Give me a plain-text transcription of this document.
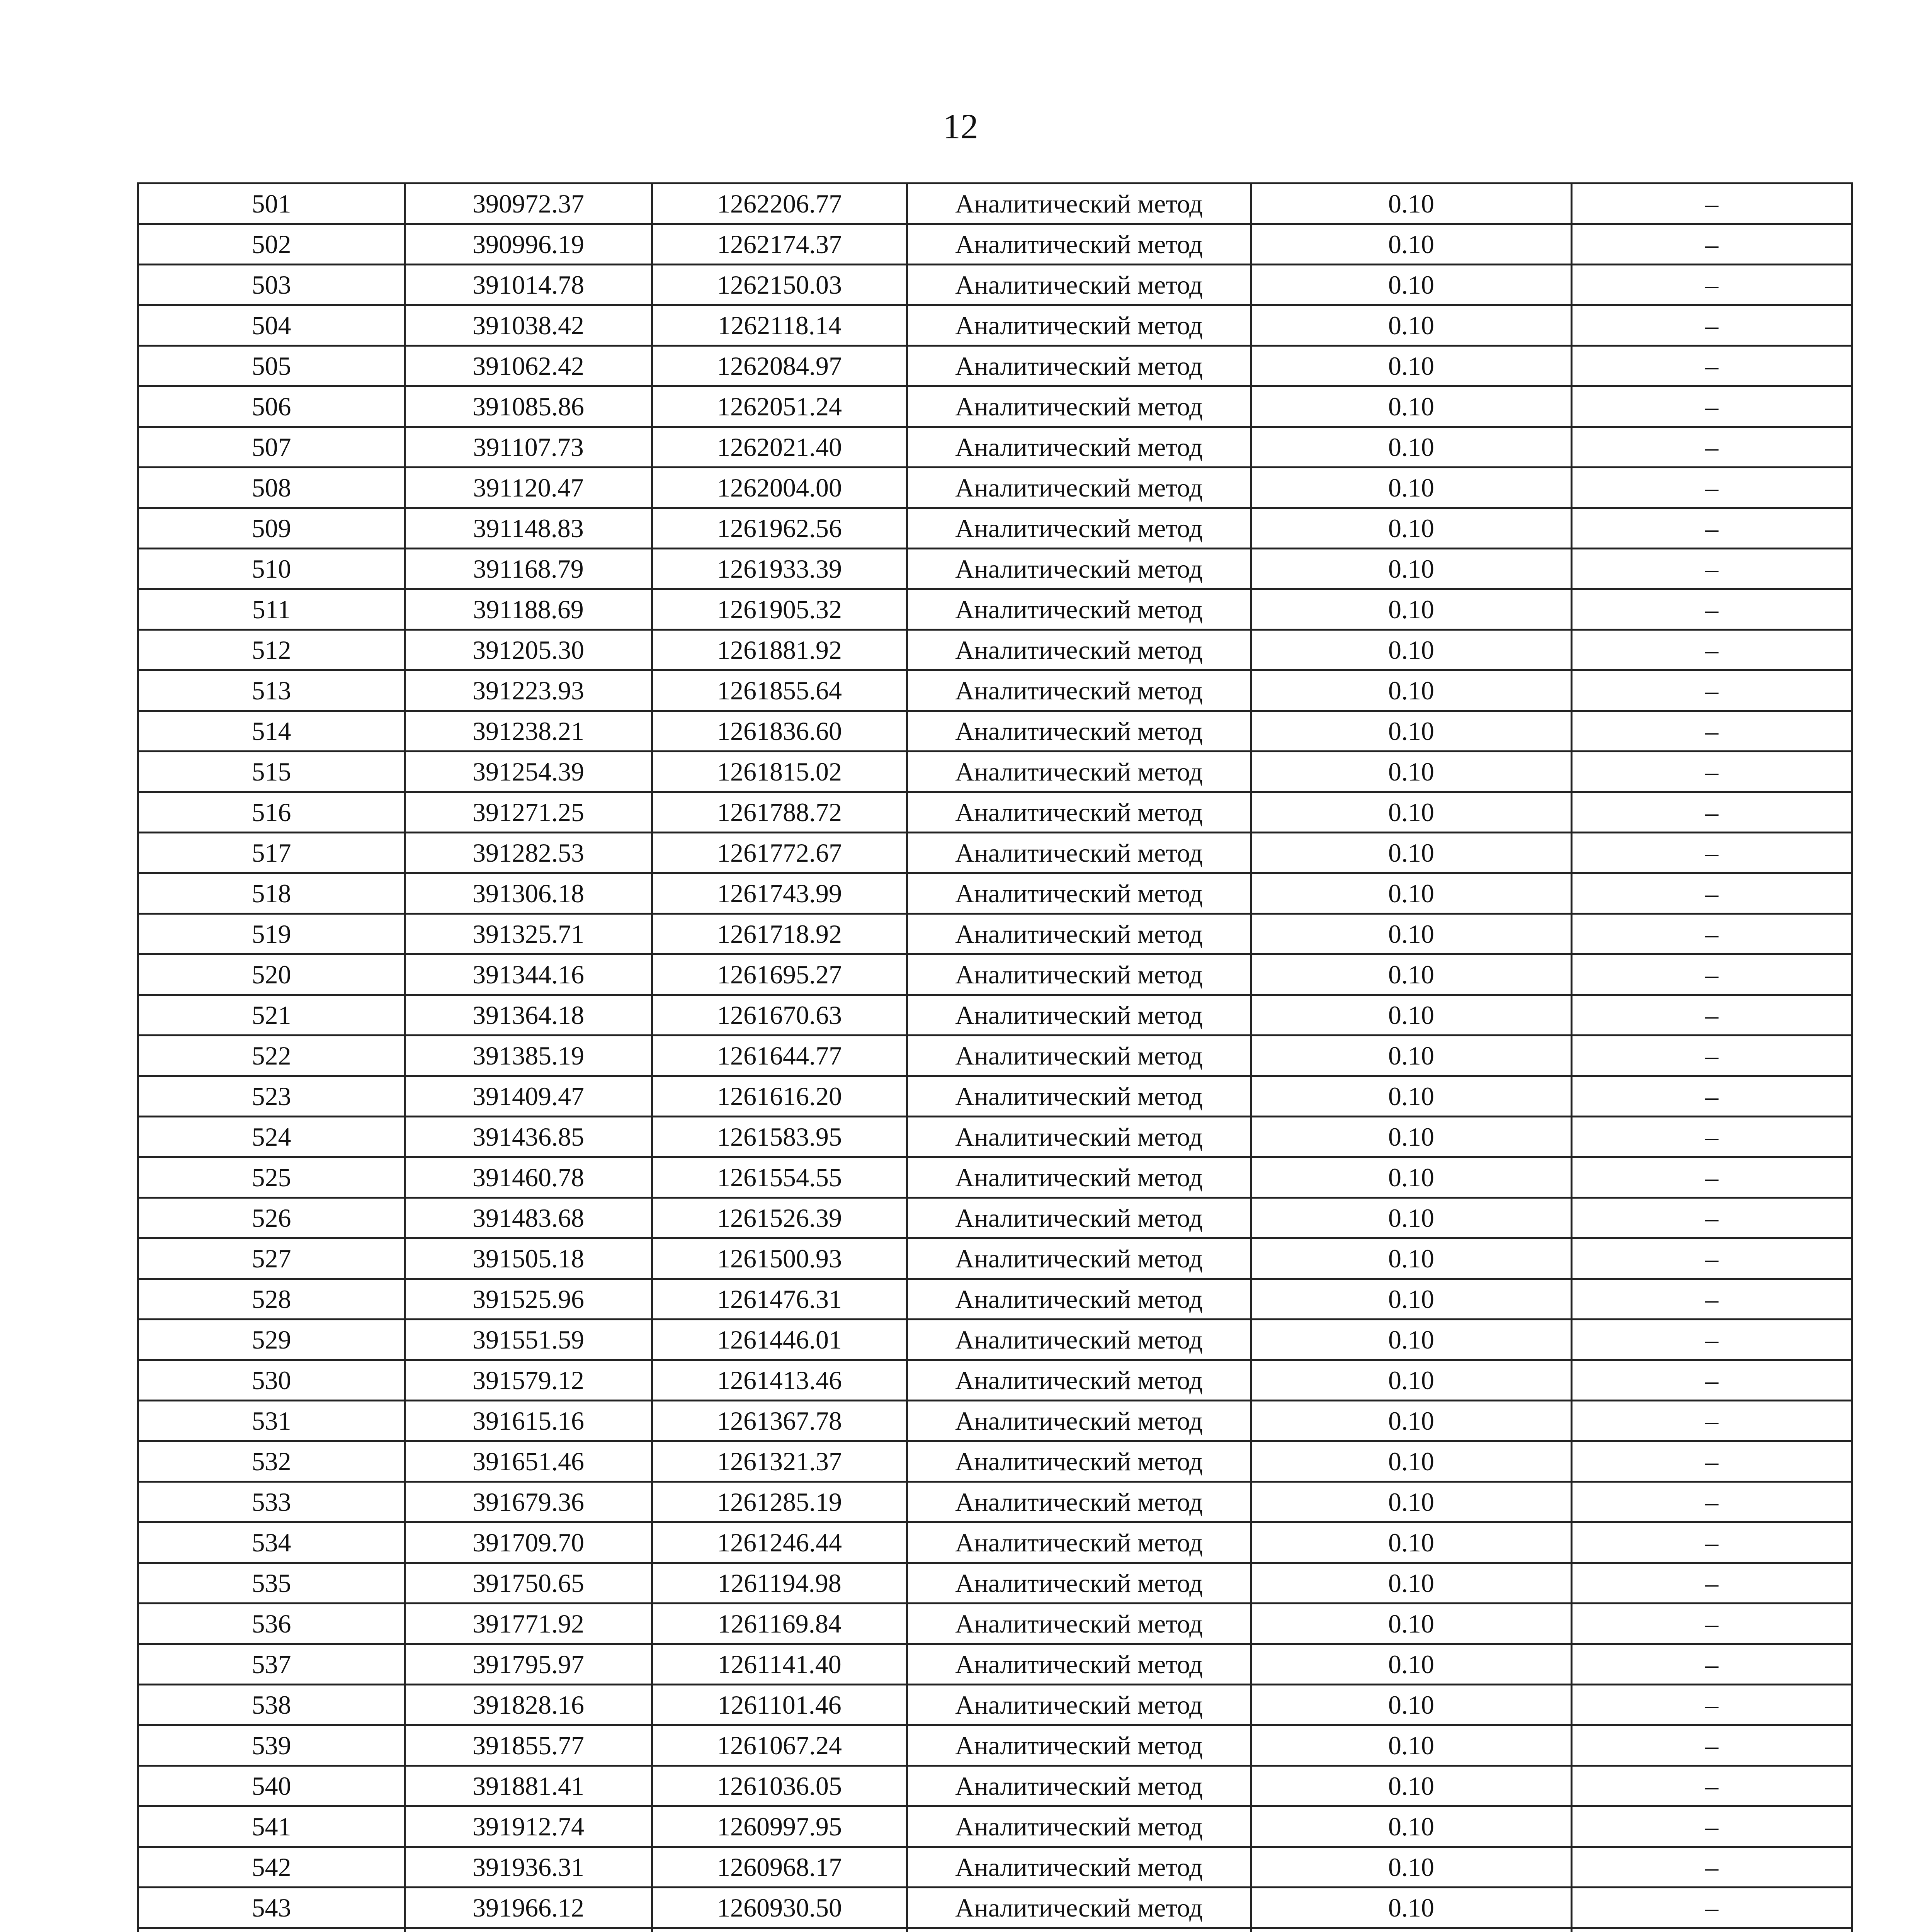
12
501	390972.37	1262206.77	Аналитический метод	0.10	–
502	390996.19	1262174.37	Аналитический метод	0.10	–
503	391014.78	1262150.03	Аналитический метод	0.10	–
504	391038.42	1262118.14	Аналитический метод	0.10	–
505	391062.42	1262084.97	Аналитический метод	0.10	–
506	391085.86	1262051.24	Аналитический метод	0.10	–
507	391107.73	1262021.40	Аналитический метод	0.10	–
508	391120.47	1262004.00	Аналитический метод	0.10	–
509	391148.83	1261962.56	Аналитический метод	0.10	–
510	391168.79	1261933.39	Аналитический метод	0.10	–
511	391188.69	1261905.32	Аналитический метод	0.10	–
512	391205.30	1261881.92	Аналитический метод	0.10	–
513	391223.93	1261855.64	Аналитический метод	0.10	–
514	391238.21	1261836.60	Аналитический метод	0.10	–
515	391254.39	1261815.02	Аналитический метод	0.10	–
516	391271.25	1261788.72	Аналитический метод	0.10	–
517	391282.53	1261772.67	Аналитический метод	0.10	–
518	391306.18	1261743.99	Аналитический метод	0.10	–
519	391325.71	1261718.92	Аналитический метод	0.10	–
520	391344.16	1261695.27	Аналитический метод	0.10	–
521	391364.18	1261670.63	Аналитический метод	0.10	–
522	391385.19	1261644.77	Аналитический метод	0.10	–
523	391409.47	1261616.20	Аналитический метод	0.10	–
524	391436.85	1261583.95	Аналитический метод	0.10	–
525	391460.78	1261554.55	Аналитический метод	0.10	–
526	391483.68	1261526.39	Аналитический метод	0.10	–
527	391505.18	1261500.93	Аналитический метод	0.10	–
528	391525.96	1261476.31	Аналитический метод	0.10	–
529	391551.59	1261446.01	Аналитический метод	0.10	–
530	391579.12	1261413.46	Аналитический метод	0.10	–
531	391615.16	1261367.78	Аналитический метод	0.10	–
532	391651.46	1261321.37	Аналитический метод	0.10	–
533	391679.36	1261285.19	Аналитический метод	0.10	–
534	391709.70	1261246.44	Аналитический метод	0.10	–
535	391750.65	1261194.98	Аналитический метод	0.10	–
536	391771.92	1261169.84	Аналитический метод	0.10	–
537	391795.97	1261141.40	Аналитический метод	0.10	–
538	391828.16	1261101.46	Аналитический метод	0.10	–
539	391855.77	1261067.24	Аналитический метод	0.10	–
540	391881.41	1261036.05	Аналитический метод	0.10	–
541	391912.74	1260997.95	Аналитический метод	0.10	–
542	391936.31	1260968.17	Аналитический метод	0.10	–
543	391966.12	1260930.50	Аналитический метод	0.10	–
